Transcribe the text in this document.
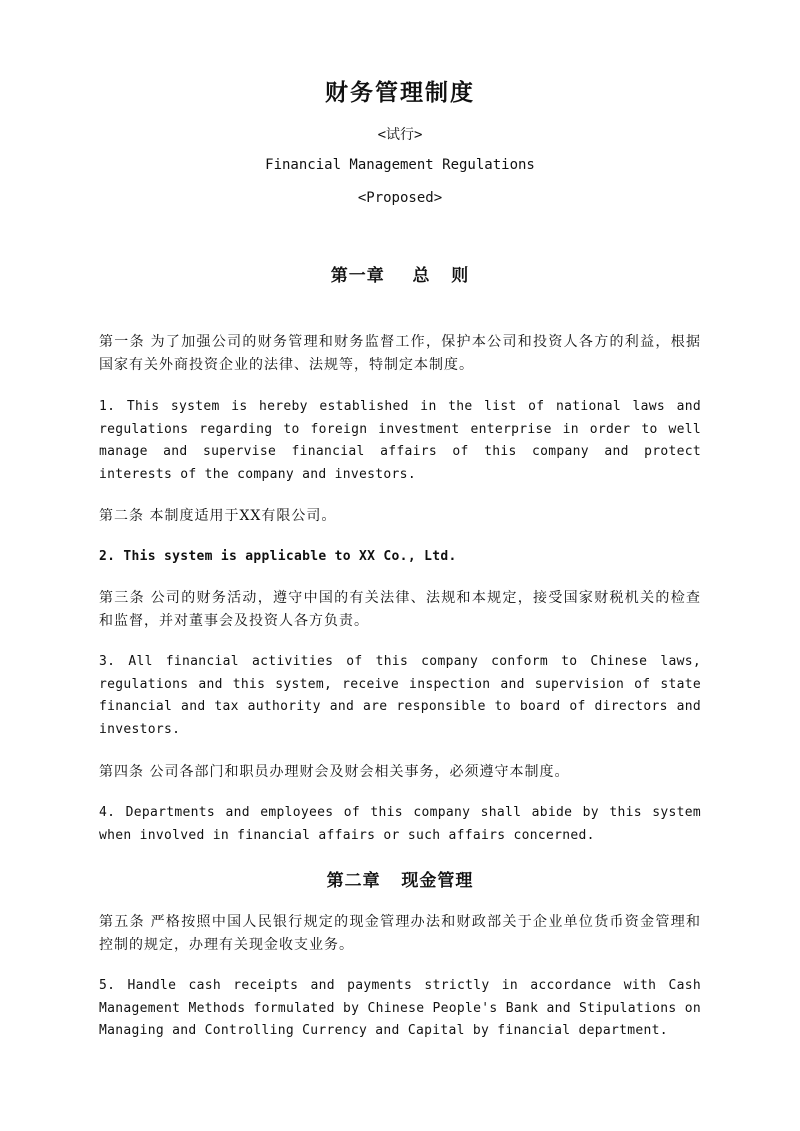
财务管理制度
<试行>
Financial Management Regulations
<Proposed>
第一章    总   则
第一条 为了加强公司的财务管理和财务监督工作，保护本公司和投资人各方的利益，根据国家有关外商投资企业的法律、法规等，特制定本制度。
1. This system is hereby established in the list of national laws and regulations regarding to foreign investment enterprise in order to well manage and supervise financial affairs of this company and protect interests of the company and investors.
第二条 本制度适用于XX有限公司。
2. This system is applicable to XX Co., Ltd.
第三条 公司的财务活动，遵守中国的有关法律、法规和本规定，接受国家财税机关的检查和监督，并对董事会及投资人各方负责。
3. All financial activities of this company conform to Chinese laws, regulations and this system, receive inspection and supervision of state financial and tax authority and are responsible to board of directors and investors.
第四条 公司各部门和职员办理财会及财会相关事务，必须遵守本制度。
4. Departments and employees of this company shall abide by this system when involved in financial affairs or such affairs concerned.
第二章   现金管理
第五条 严格按照中国人民银行规定的现金管理办法和财政部关于企业单位货币资金管理和控制的规定，办理有关现金收支业务。
5. Handle cash receipts and payments strictly in accordance with Cash Management Methods formulated by Chinese People's Bank and Stipulations on Managing and Controlling Currency and Capital by financial department.
